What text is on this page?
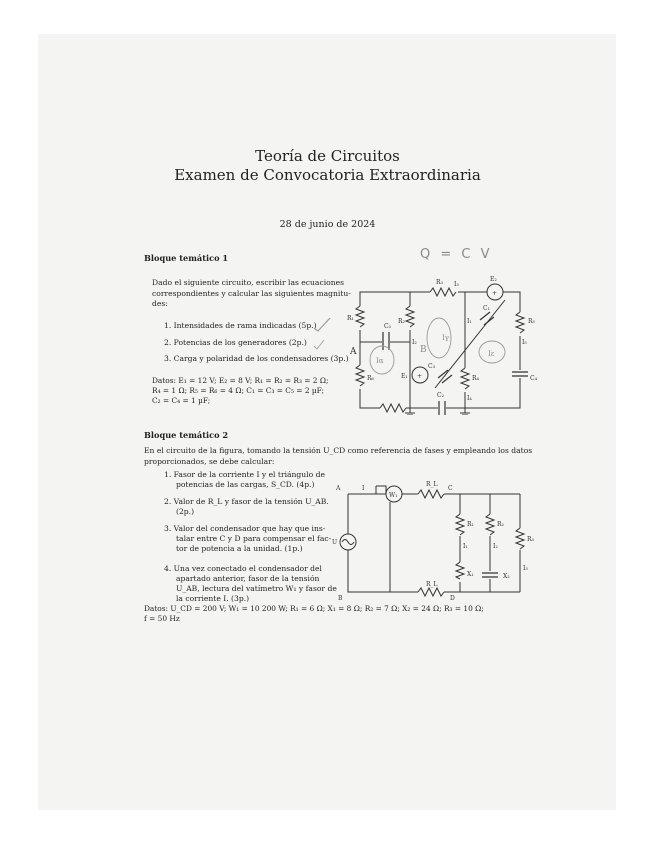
Teoría de Circuitos
Examen de Convocatoria Extraordinaria
28 de junio de 2024
Bloque temático 1	Q = C V
Dado el siguiente circuito, escribir las ecuaciones
correspondientes y calcular las siguientes magnitu-
des:
1. Intensidades de rama indicadas (5p.)
2. Potencias de los generadores (2p.)
3. Carga y polaridad de los condensadores (3p.)
Datos: E₁ = 12 V; E₂ = 8 V; R₁ = R₂ = R₃ = 2 Ω;
R₄ = 1 Ω; R₅ = R₆ = 4 Ω; C₁ = C₃ = C₅ = 2 µF;
C₂ = C₄ = 1 µF;
+
+
E₂
R₃ I₃
R₁	R₂	I₁
C₅
R₅
I₅
C₁
I₂
C₃
A
I₄
R₆	E₁
C₂
C₄
R₄
Iα
B
Iγ
Iε
Bloque temático 2
En el circuito de la figura, tomando la tensión U_CD como referencia de fases y empleando los datos
proporcionados, se debe calcular:
1. Fasor de la corriente I y el triángulo de
potencias de las cargas, S_CD. (4p.)
2. Valor de R_L y fasor de la tensión U_AB.
(2p.)
3. Valor del condensador que hay que ins-
talar entre C y D para compensar el fac-
tor de potencia a la unidad. (1p.)
4. Una vez conectado el condensador del
apartado anterior, fasor de la tensión
U_AB, lectura del vatímetro W₁ y fasor de
la corriente I. (3p.)
Datos: U_CD = 200 V; W₁ = 10 200 W; R₁ = 6 Ω; X₁ = 8 Ω; R₂ = 7 Ω; X₂ = 24 Ω; R₃ = 10 Ω;
f = 50 Hz
W₁
A	I
R_L
C
R₁	R₂
R₃
I₁	I₂
I₃
X₁	X₂
R_L
B	D
U
